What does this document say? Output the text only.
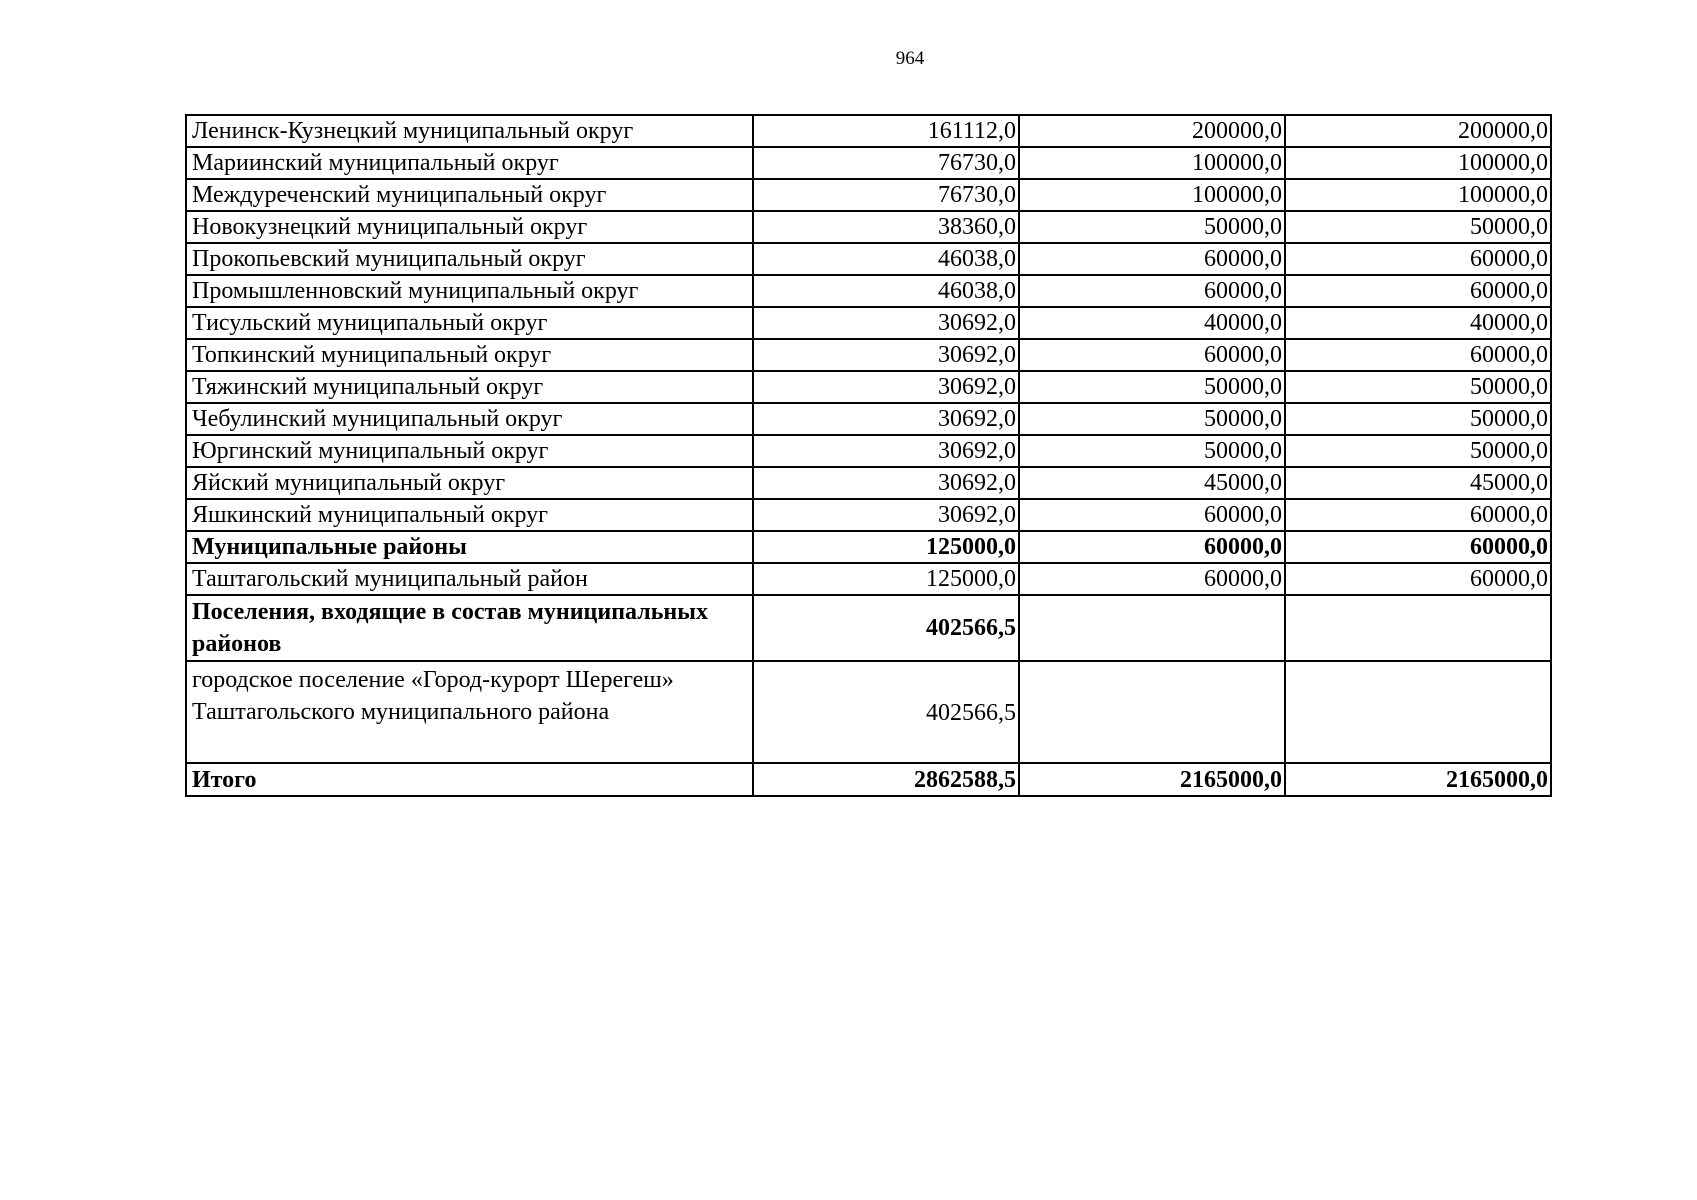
964
Ленинск-Кузнецкий муниципальный округ	161112,0	200000,0	200000,0
Мариинский муниципальный округ	76730,0	100000,0	100000,0
Междуреченский муниципальный округ	76730,0	100000,0	100000,0
Новокузнецкий муниципальный округ	38360,0	50000,0	50000,0
Прокопьевский муниципальный округ	46038,0	60000,0	60000,0
Промышленновский муниципальный округ	46038,0	60000,0	60000,0
Тисульский муниципальный округ	30692,0	40000,0	40000,0
Топкинский муниципальный округ	30692,0	60000,0	60000,0
Тяжинский муниципальный округ	30692,0	50000,0	50000,0
Чебулинский муниципальный округ	30692,0	50000,0	50000,0
Юргинский муниципальный округ	30692,0	50000,0	50000,0
Яйский муниципальный округ	30692,0	45000,0	45000,0
Яшкинский муниципальный округ	30692,0	60000,0	60000,0
Муниципальные районы	125000,0	60000,0	60000,0
Таштагольский муниципальный район	125000,0	60000,0	60000,0
Поселения, входящие в состав муниципальных районов	402566,5		
городское поселение «Город-курорт Шерегеш» Таштагольского муниципального района	402566,5		
Итого	2862588,5	2165000,0	2165000,0
